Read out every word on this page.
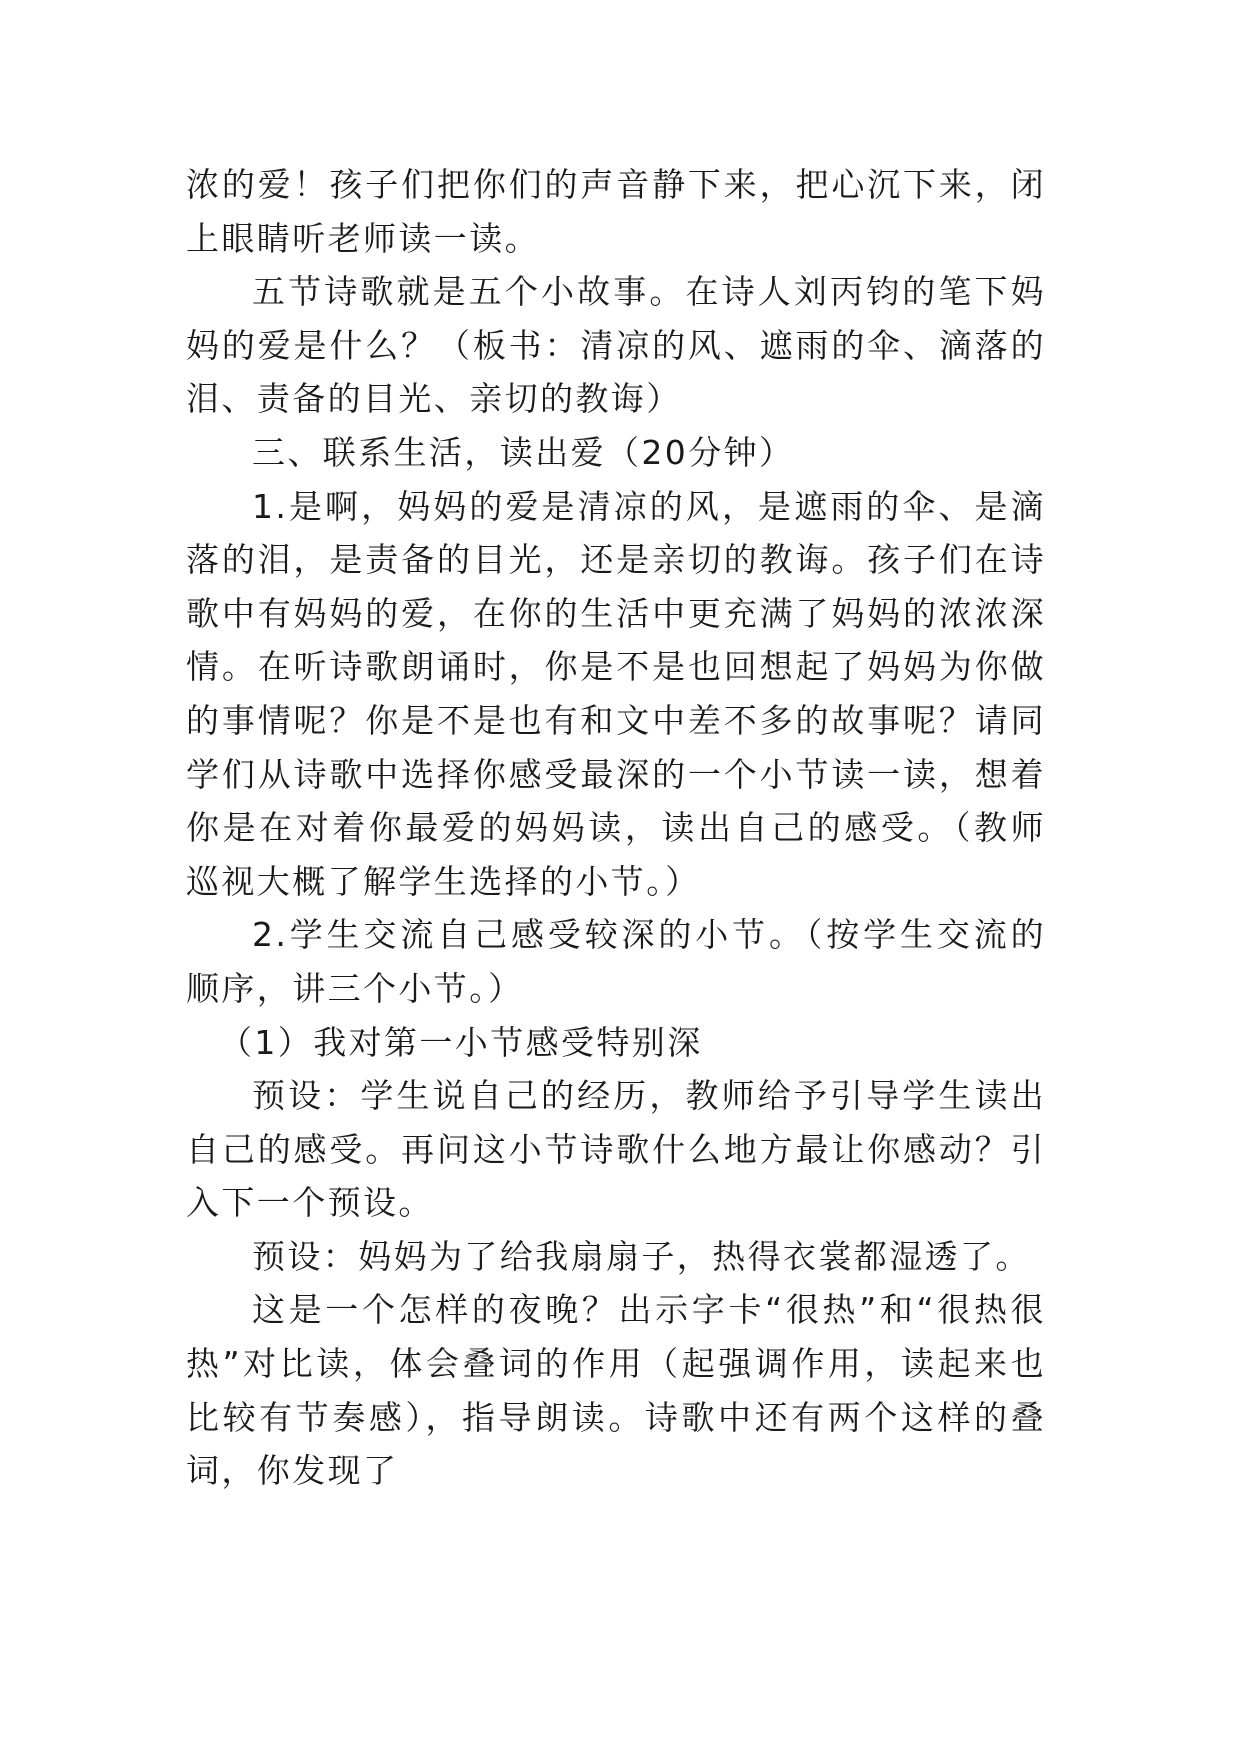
浓的爱！孩子们把你们的声音静下来，把心沉下来，闭上眼睛听老师读一读。

五节诗歌就是五个小故事。在诗人刘丙钧的笔下妈妈的爱是什么？（板书：清凉的风、遮雨的伞、滴落的泪、责备的目光、亲切的教诲）

三、联系生活，读出爱（20分钟）

1.是啊，妈妈的爱是清凉的风，是遮雨的伞、是滴落的泪，是责备的目光，还是亲切的教诲。孩子们在诗歌中有妈妈的爱，在你的生活中更充满了妈妈的浓浓深情。在听诗歌朗诵时，你是不是也回想起了妈妈为你做的事情呢？你是不是也有和文中差不多的故事呢？请同学们从诗歌中选择你感受最深的一个小节读一读，想着你是在对着你最爱的妈妈读，读出自己的感受。（教师巡视大概了解学生选择的小节。）

2.学生交流自己感受较深的小节。（按学生交流的顺序，讲三个小节。）

（1）我对第一小节感受特别深

预设：学生说自己的经历，教师给予引导学生读出自己的感受。再问这小节诗歌什么地方最让你感动？引入下一个预设。

预设：妈妈为了给我扇扇子，热得衣裳都湿透了。

这是一个怎样的夜晚？出示字卡“很热”和“很热很热”对比读，体会叠词的作用（起强调作用，读起来也比较有节奏感），指导朗读。诗歌中还有两个这样的叠词，你发现了
